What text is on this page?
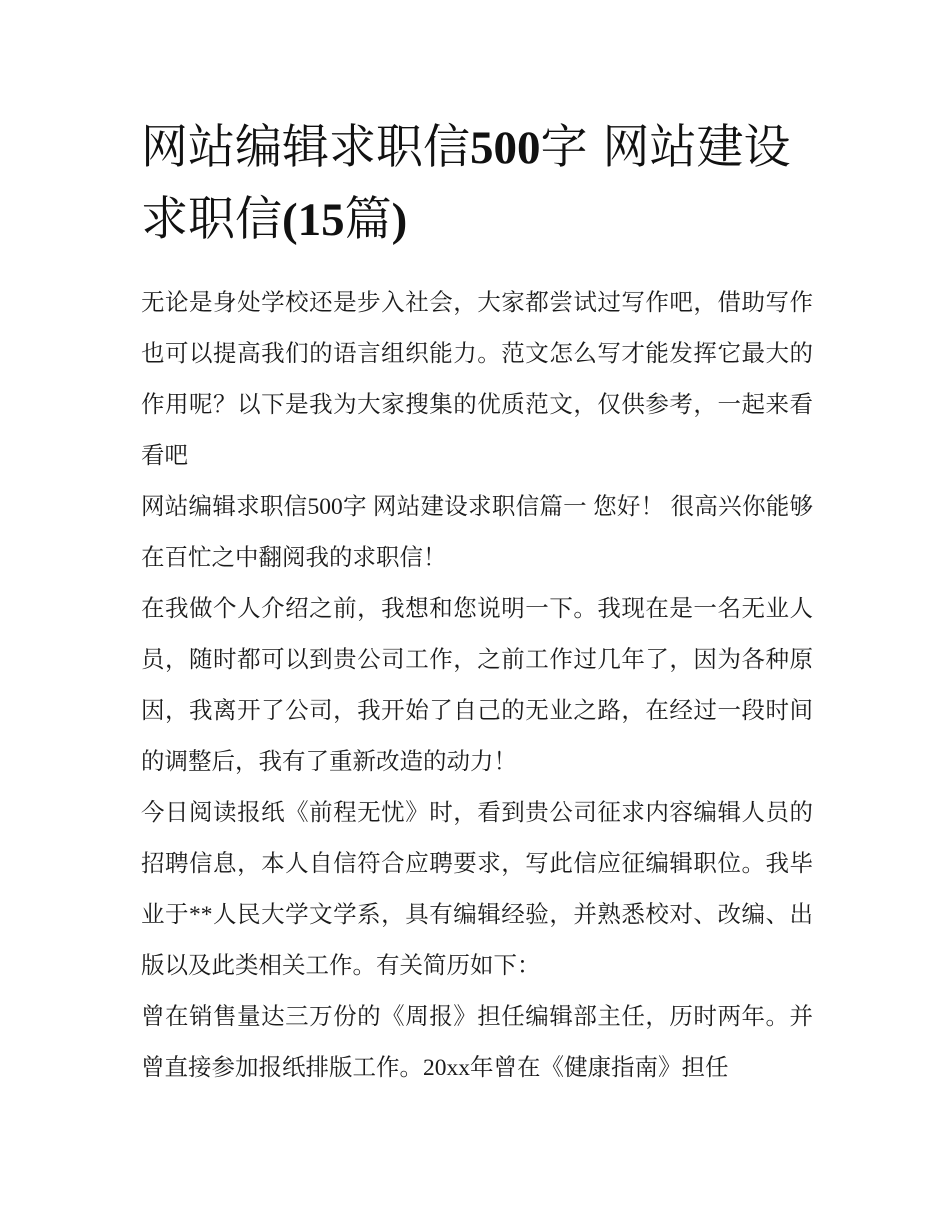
网站编辑求职信500字 网站建设求职信(15篇)

无论是身处学校还是步入社会，大家都尝试过写作吧，借助写作也可以提高我们的语言组织能力。范文怎么写才能发挥它最大的作用呢？以下是我为大家搜集的优质范文，仅供参考，一起来看看吧

网站编辑求职信500字 网站建设求职信篇一 您好！ 很高兴你能够在百忙之中翻阅我的求职信！

在我做个人介绍之前，我想和您说明一下。我现在是一名无业人员，随时都可以到贵公司工作，之前工作过几年了，因为各种原因，我离开了公司，我开始了自己的无业之路，在经过一段时间的调整后，我有了重新改造的动力！

今日阅读报纸《前程无忧》时，看到贵公司征求内容编辑人员的招聘信息，本人自信符合应聘要求，写此信应征编辑职位。我毕业于**人民大学文学系，具有编辑经验，并熟悉校对、改编、出版以及此类相关工作。有关简历如下：

曾在销售量达三万份的《周报》担任编辑部主任，历时两年。并曾直接参加报纸排版工作。20xx年曾在《健康指南》担任
